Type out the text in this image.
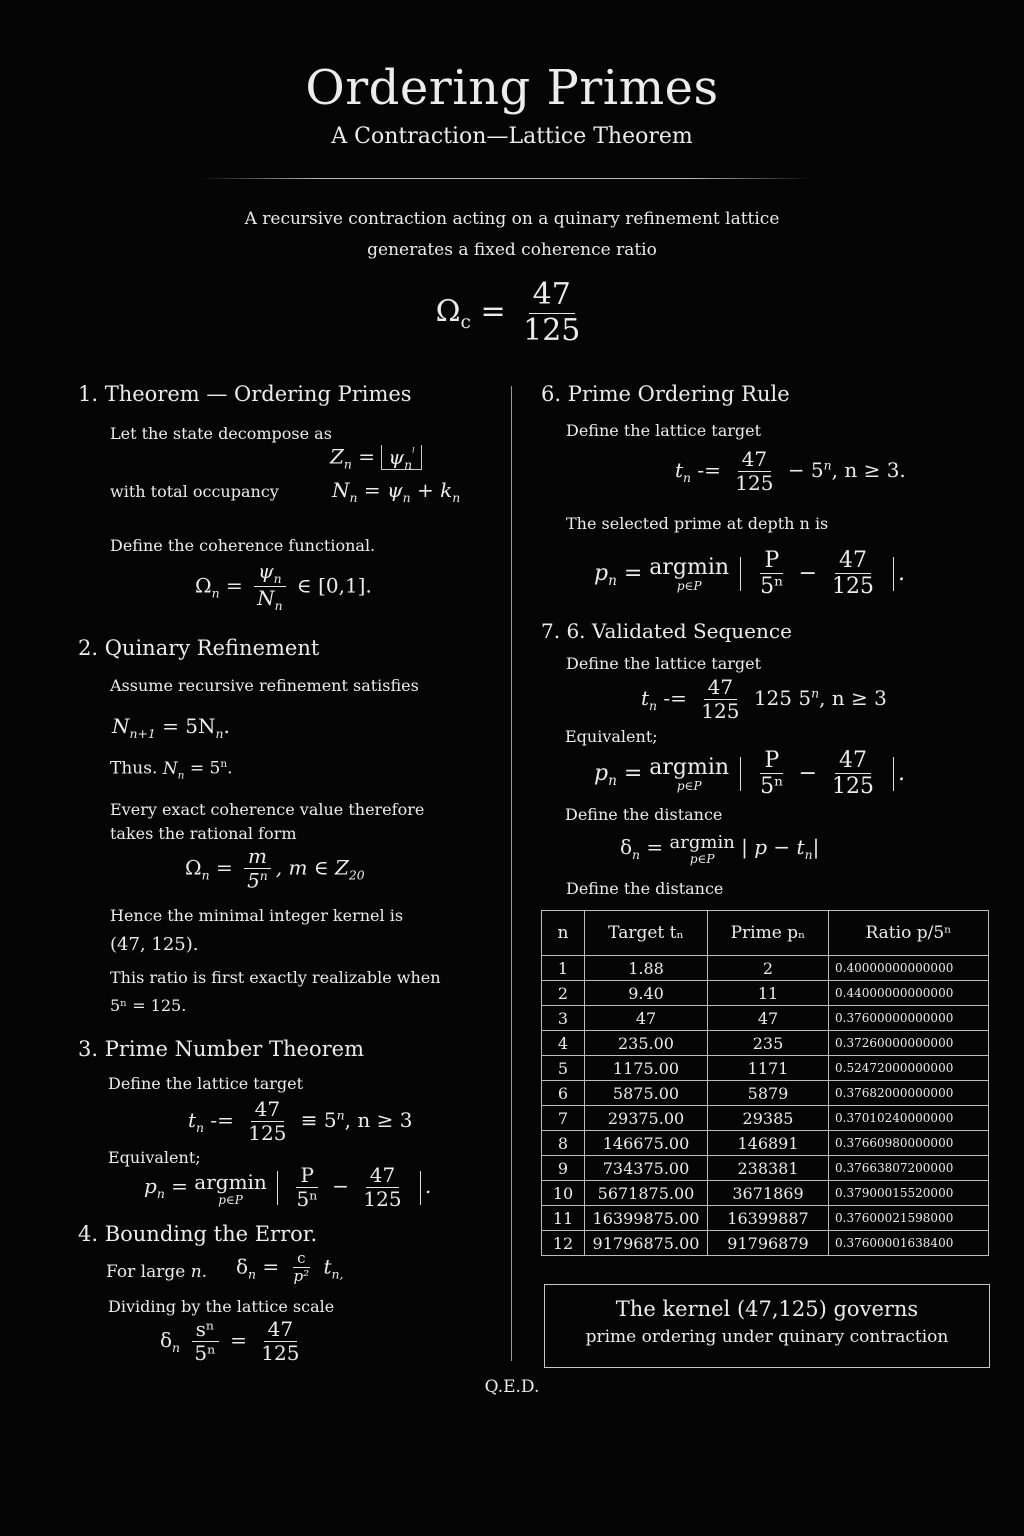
Ordering Primes
A Contraction—Lattice Theorem
A recursive contraction acting on a quinary refinement lattice
generates a fixed coherence ratio
$\Omega_c = \frac{47}{125}$
1. Theorem — Ordering Primes
Let the state decompose as
$Z_n = \psi_n^ˡ$
with total occupancy	$N_n = \psi_n + k_n$
Define the coherence functional.
$\Omega_n = \frac{\psi_n}{N_n}$ ∈ [0,1].
2. Quinary Refinement
Assume recursive refinement satisfies
$N_{n+1} = 5N_n$.
Thus. $N_n = 5^n$.
Every exact coherence value therefore
takes the rational form
$\Omega_n = \frac{m}{5^n}$ , m ∈ $Z_{20}$
Hence the minimal integer kernel is
(47, 125).
This ratio is first exactly realizable when
5ⁿ = 125.
3. Prime Number Theorem
Define the lattice target
$t_n -= \frac{47}{125} \equiv 5^n$, n ≥ 3
Equivalent;
$p_n = argmin$
p∈P
$\frac{P}{\text{5ⁿ}} - \frac{47}{125}$ .
4. Bounding the Error.
For large n. $\delta_n = \frac{c}{\text{p²}} t_{n,}$
Dividing by the lattice scale
$\delta_n \frac{\text{sⁿ}}{\text{5ⁿ}} = \frac{47}{125}$
6. Prime Ordering Rule
Define the lattice target
$t_n -= \frac{47}{125} - 5^n$, n ≥ 3.
The selected prime at depth n is
$p_n = argmin$
p∈P
$\frac{P}{\text{5ⁿ}} - \frac{47}{125}$ .
7. 6. Validated Sequence
Define the lattice target
$t_n -= \frac{47}{125} 125$ 5$^n$, n ≥ 3
Equivalent;
$p_n = argmin$
p∈P
$\frac{P}{\text{5ⁿ}} - \frac{47}{125}$ .
Define the distance
$\delta_n = argmin$
p∈P | $p - t_n|$
Define the distance
n	Target tₙ	Prime pₙ	Ratio p/5ⁿ
1	1.88	2	0.40000000000000
2	9.40	11	0.44000000000000
3	47	47	0.37600000000000
4	235.00	235	0.37260000000000
5	1175.00	1171	0.52472000000000
6	5875.00	5879	0.37682000000000
7	29375.00	29385	0.37010240000000
8	146675.00	146891	0.37660980000000
9	734375.00	238381	0.37663807200000
10	5671875.00	3671869	0.37900015520000
11	16399875.00	16399887	0.37600021598000
12	91796875.00	91796879	0.37600001638400
The kernel (47,125) governs
prime ordering under quinary contraction
Q.E.D.
